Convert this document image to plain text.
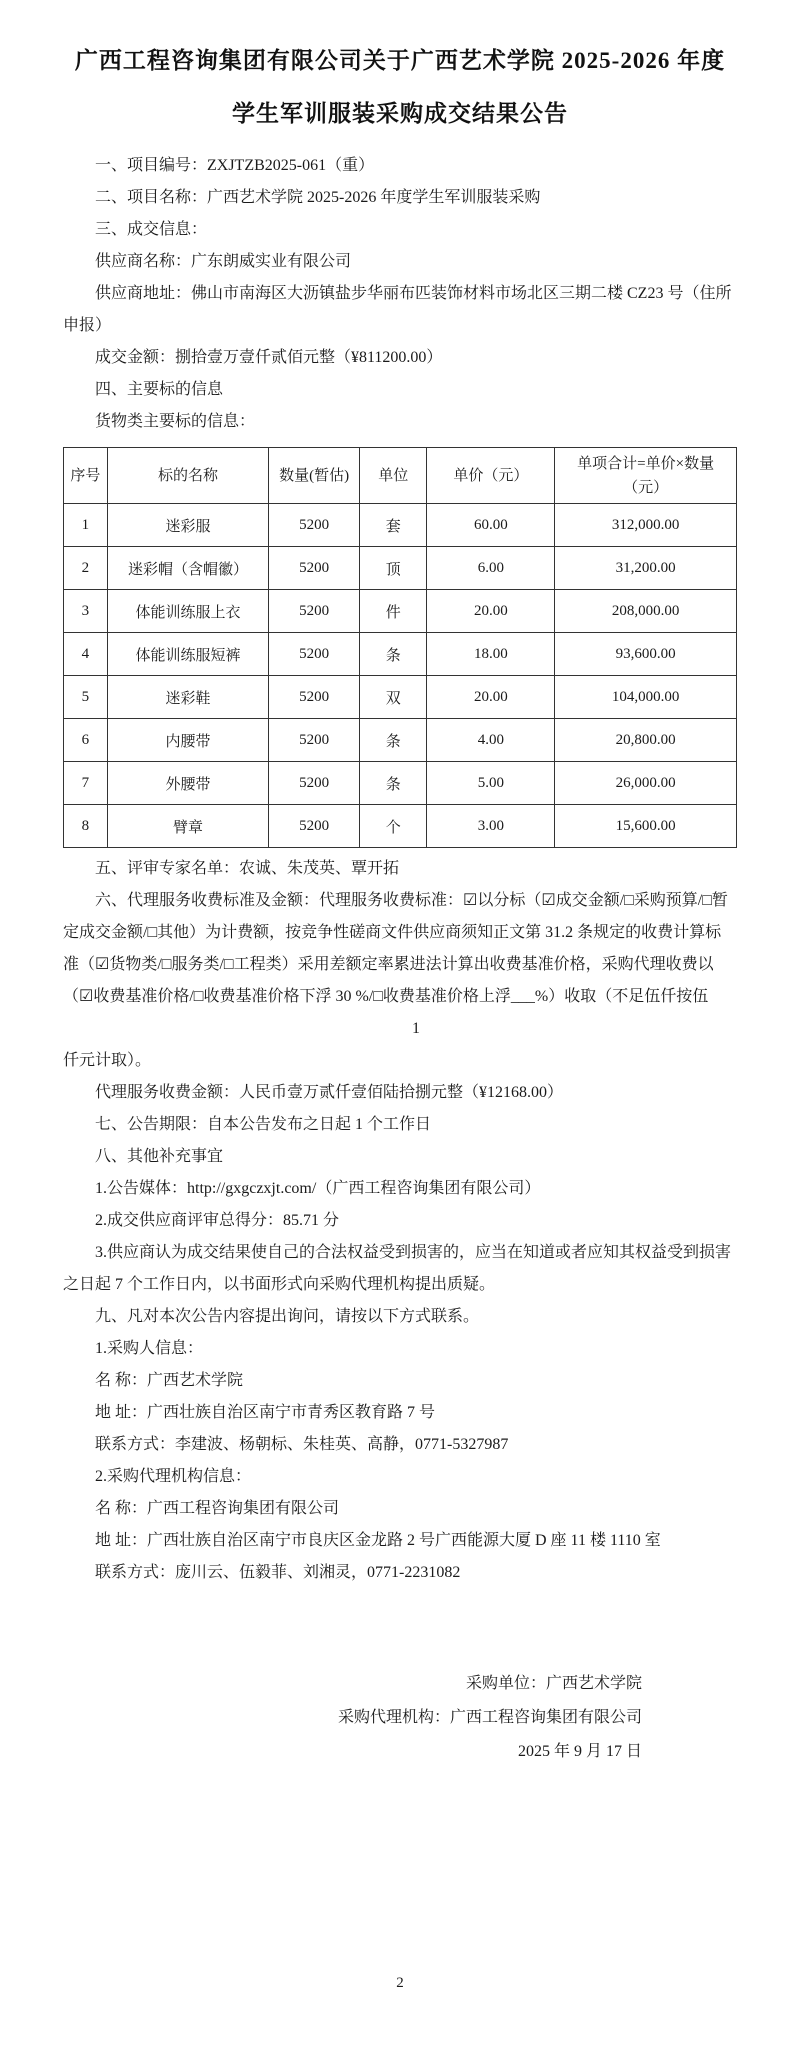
广西工程咨询集团有限公司关于广西艺术学院 2025-2026 年度
学生军训服装采购成交结果公告

一、项目编号：ZXJTZB2025-061（重）

二、项目名称：广西艺术学院 2025-2026 年度学生军训服装采购

三、成交信息：

供应商名称：广东朗威实业有限公司

供应商地址：佛山市南海区大沥镇盐步华丽布匹装饰材料市场北区三期二楼 CZ23 号（住所申报）

成交金额：捌拾壹万壹仟贰佰元整（¥811200.00）

四、主要标的信息

货物类主要标的信息：

序号	标的名称	数量(暂估)	单位	单价（元）	单项合计=单价×数量（元）
1	迷彩服	5200	套	60.00	312,000.00
2	迷彩帽（含帽徽）	5200	顶	6.00	31,200.00
3	体能训练服上衣	5200	件	20.00	208,000.00
4	体能训练服短裤	5200	条	18.00	93,600.00
5	迷彩鞋	5200	双	20.00	104,000.00
6	内腰带	5200	条	4.00	20,800.00
7	外腰带	5200	条	5.00	26,000.00
8	臂章	5200	个	3.00	15,600.00

五、评审专家名单：农诚、朱茂英、覃开拓

六、代理服务收费标准及金额：代理服务收费标准：☑以分标（☑成交金额/□采购预算/□暂定成交金额/□其他）为计费额，按竞争性磋商文件供应商须知正文第 31.2 条规定的收费计算标准（☑货物类/□服务类/□工程类）采用差额定率累进法计算出收费基准价格，采购代理收费以（☑收费基准价格/□收费基准价格下浮 30 %/□收费基准价格上浮___%）收取（不足伍仟按伍

1

仟元计取）。

代理服务收费金额：人民币壹万贰仟壹佰陆拾捌元整（¥12168.00）

七、公告期限：自本公告发布之日起 1 个工作日

八、其他补充事宜

1.公告媒体：http://gxgczxjt.com/（广西工程咨询集团有限公司）

2.成交供应商评审总得分：85.71 分

3.供应商认为成交结果使自己的合法权益受到损害的，应当在知道或者应知其权益受到损害之日起 7 个工作日内，以书面形式向采购代理机构提出质疑。

九、凡对本次公告内容提出询问，请按以下方式联系。

1.采购人信息：

名 称：广西艺术学院

地 址：广西壮族自治区南宁市青秀区教育路 7 号

联系方式：李建波、杨朝标、朱桂英、高静，0771-5327987

2.采购代理机构信息：

名 称：广西工程咨询集团有限公司

地 址：广西壮族自治区南宁市良庆区金龙路 2 号广西能源大厦 D 座 11 楼 1110 室

联系方式：庞川云、伍毅菲、刘湘灵，0771-2231082

采购单位：广西艺术学院

采购代理机构：广西工程咨询集团有限公司

2025 年 9 月 17 日

2
